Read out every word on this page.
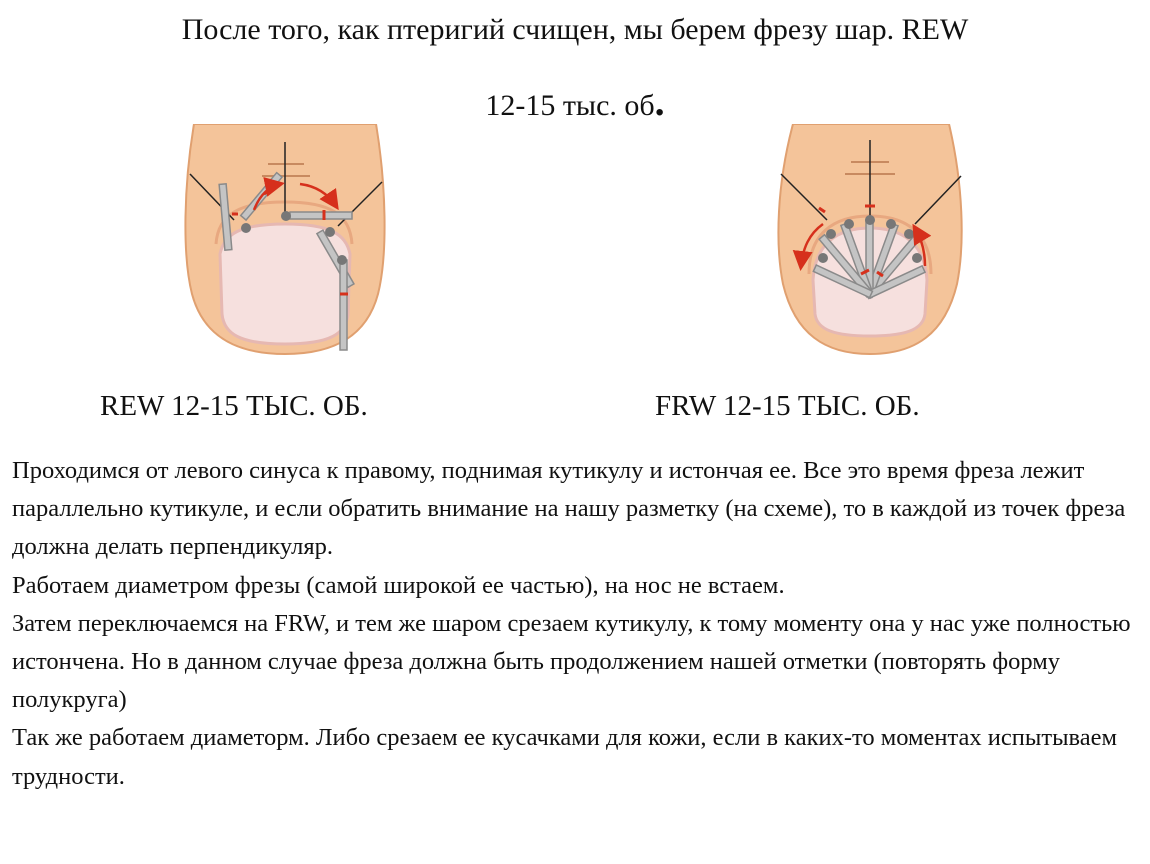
После того, как птеригий счищен, мы берем фрезу шар. REW

12-15 тыс. об.

REW 12-15 ТЫС. ОБ.	FRW 12-15 ТЫС. ОБ.

Проходимся от левого синуса к правому, поднимая кутикулу и истончая ее. Все это время фреза лежит параллельно кутикуле, и если обратить внимание на нашу разметку (на схеме), то в каждой из точек фреза должна делать перпендикуляр.

Работаем диаметром фрезы (самой широкой ее частью), на нос не встаем.

Затем переключаемся на FRW, и тем же шаром срезаем кутикулу, к тому моменту она у нас уже полностью истончена. Но в данном случае фреза должна быть продолжением нашей отметки (повторять форму полукруга)

Так же работаем диаметорм. Либо срезаем ее кусачками для кожи, если в каких-то моментах испытываем трудности.
